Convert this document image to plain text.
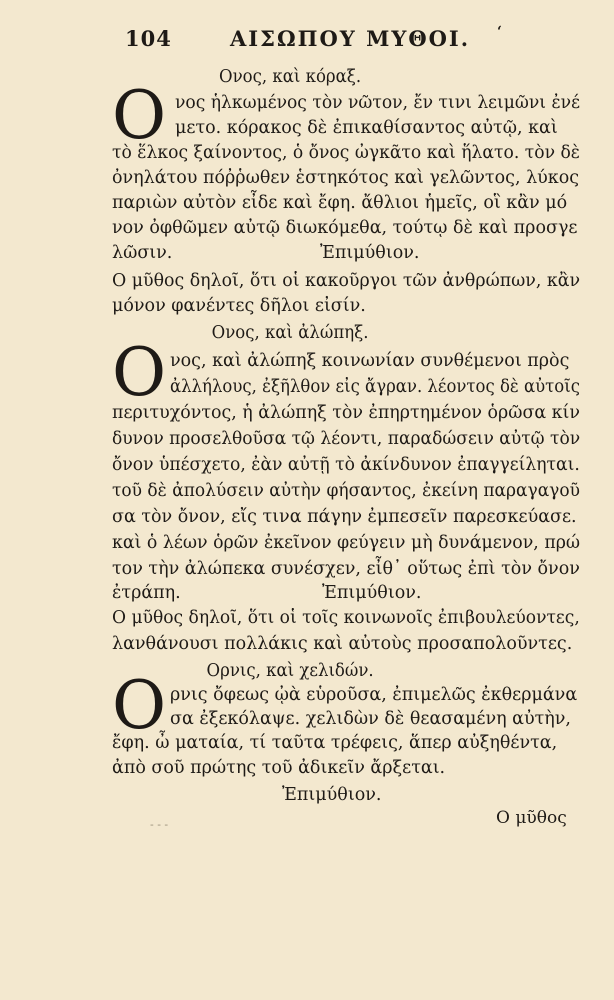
104	ΑΙΣΩΠΟΥ ΜΥΘΟΙ. ‘
Ονος, καὶ κόραξ.
Ο νος ἡλκωμένος τὸν νῶτον, ἔν τινι λειμῶνι ἐνέ
μετο. κόρακος δὲ ἐπικαθίσαντος αὐτῷ, καὶ
τὸ ἕλκος ξαίνοντος, ὁ ὄνος ὠγκᾶτο καὶ ἥλατο. τὸν δὲ
ὀνηλάτου πόῤῥωθεν ἑστηκότος καὶ γελῶντος, λύκος
παριὼν αὐτὸν εἶδε καὶ ἔφη. ἄθλιοι ἡμεῖς, οἳ κἂν μό
νον ὀφθῶμεν αὐτῷ διωκόμεθα, τούτῳ δὲ καὶ προσγε
λῶσιν.	Ἐπιμύθιον.
Ο μῦθος δηλοῖ, ὅτι οἱ κακοῦργοι τῶν ἀνθρώπων, κἂν
μόνον φανέντες δῆλοι εἰσίν.
Ονος, καὶ ἀλώπηξ.
Ο νος, καὶ ἀλώπηξ κοινωνίαν συνθέμενοι πρὸς
ἀλλήλους, ἐξῆλθον εἰς ἄγραν. λέοντος δὲ αὐτοῖς
περιτυχόντος, ἡ ἀλώπηξ τὸν ἐπηρτημένον ὁρῶσα κίν
δυνον προσελθοῦσα τῷ λέοντι, παραδώσειν αὐτῷ τὸν
ὄνον ὑπέσχετο, ἐὰν αὐτῇ τὸ ἀκίνδυνον ἐπαγγείληται.
τοῦ δὲ ἀπολύσειν αὐτὴν φήσαντος, ἐκείνη παραγαγοῦ
σα τὸν ὄνον, εἴς τινα πάγην ἐμπεσεῖν παρεσκεύασε.
καὶ ὁ λέων ὁρῶν ἐκεῖνον φεύγειν μὴ δυνάμενον, πρώ
τον τὴν ἀλώπεκα συνέσχεν, εἶθ᾽ οὕτως ἐπὶ τὸν ὄνον
ἐτράπη.	Ἐπιμύθιον.
Ο μῦθος δηλοῖ, ὅτι οἱ τοῖς κοινωνοῖς ἐπιβουλεύοντες,
λανθάνουσι πολλάκις καὶ αὐτοὺς προσαπολοῦντες.
Ορνις, καὶ χελιδών.
Ο ρνις ὄφεως ᾠὰ εὑροῦσα, ἐπιμελῶς ἐκθερμάνα
σα ἐξεκόλαψε. χελιδὼν δὲ θεασαμένη αὐτὴν,
ἔφη. ὦ ματαία, τί ταῦτα τρέφεις, ἅπερ αὐξηθέντα,
ἀπὸ σοῦ πρώτης τοῦ ἀδικεῖν ἄρξεται.
Ἐπιμύθιον.
- - -	Ο μῦθος
